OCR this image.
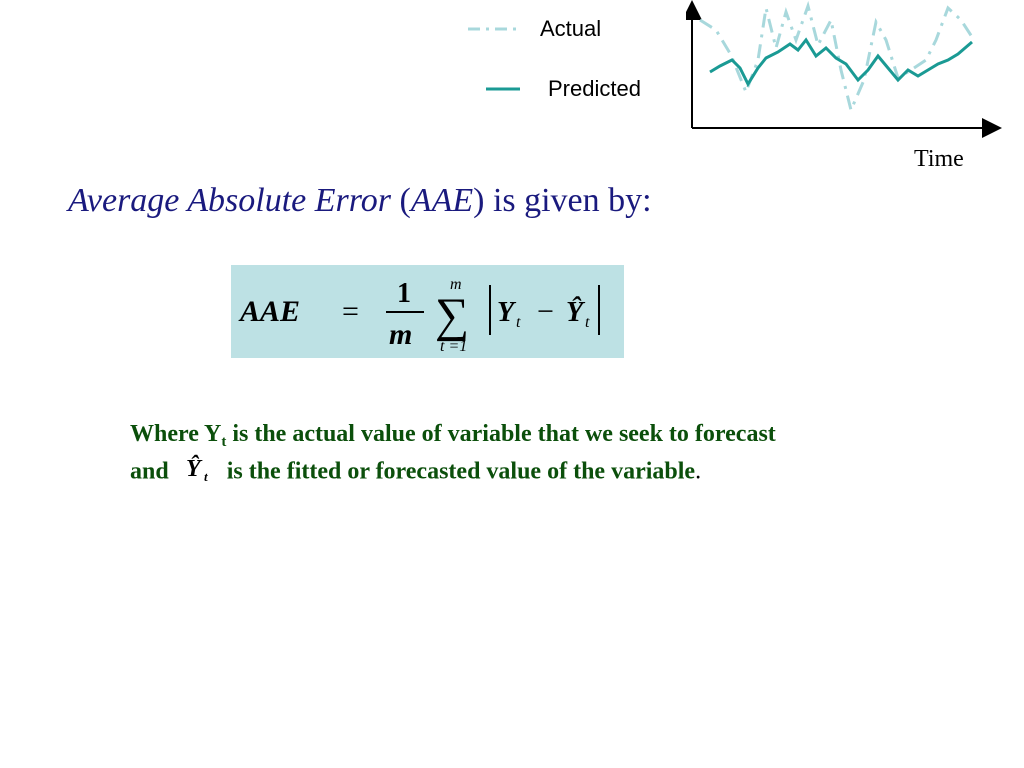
Actual
Predicted
Time
Average Absolute Error (AAE) is given by:
AAE =
1
m
m
∑
t =1
Y t − Ŷ t
Where $Y_t$ is the actual value of variable that we seek to forecast and Ŷ t is the fitted or forecasted value of the variable.
